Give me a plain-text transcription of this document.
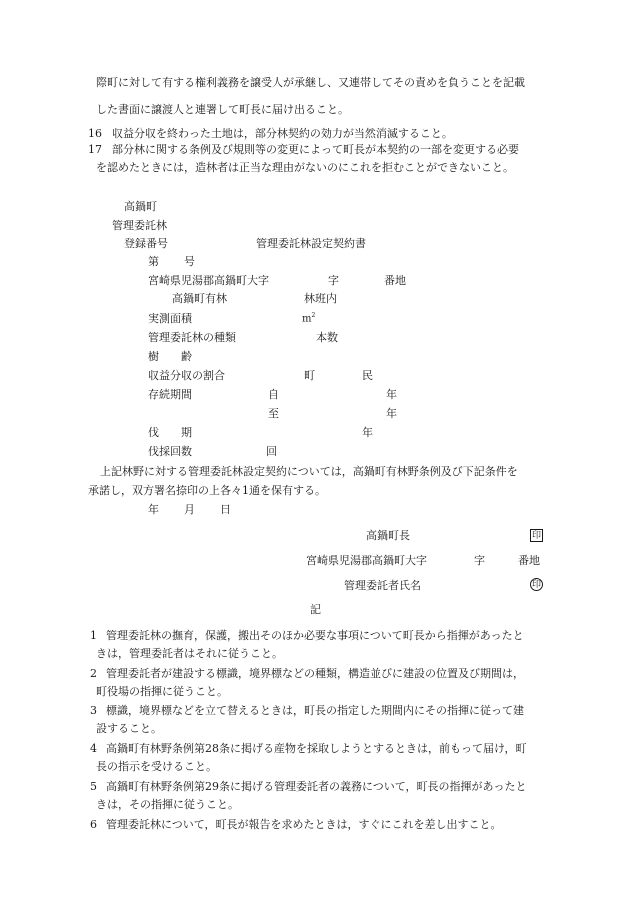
際町に対して有する権利義務を譲受人が承継し、又連帯してその責めを負うことを記載
した書面に譲渡人と連署して町長に届け出ること。
16 収益分収を終わった土地は，部分林契約の効力が当然消滅すること。
17 部分林に関する条例及び規則等の変更によって町長が本契約の一部を変更する必要
を認めたときには，造林者は正当な理由がないのにこれを拒むことができないこと。
高鍋町
管理委託林
登録番号	管理委託林設定契約書
第 号
宮崎県児湯郡高鍋町大字	字	番地
高鍋町有林	林班内
実測面積	$m^2$
管理委託林の種類	本数
樹　　齢
収益分収の割合	町	民
存続期間	自	年
至	年
伐　　期	年
伐採回数	回
上記林野に対する管理委託林設定契約については，高鍋町有林野条例及び下記条件を
承諾し，双方署名捺印の上各々1通を保有する。
年 月 日
高鍋町長	印
宮崎県児湯郡高鍋町大字	字	番地
管理委託者氏名	印
記
1 管理委託林の撫育，保護，搬出そのほか必要な事項について町長から指揮があったと
きは，管理委託者はそれに従うこと。
2 管理委託者が建設する標識，境界標などの種類，構造並びに建設の位置及び期間は，
町役場の指揮に従うこと。
3 標識，境界標などを立て替えるときは，町長の指定した期間内にその指揮に従って建
設すること。
4 高鍋町有林野条例第28条に掲げる産物を採取しようとするときは，前もって届け，町
長の指示を受けること。
5 高鍋町有林野条例第29条に掲げる管理委託者の義務について，町長の指揮があったと
きは，その指揮に従うこと。
6 管理委託林について，町長が報告を求めたときは，すぐにこれを差し出すこと。
